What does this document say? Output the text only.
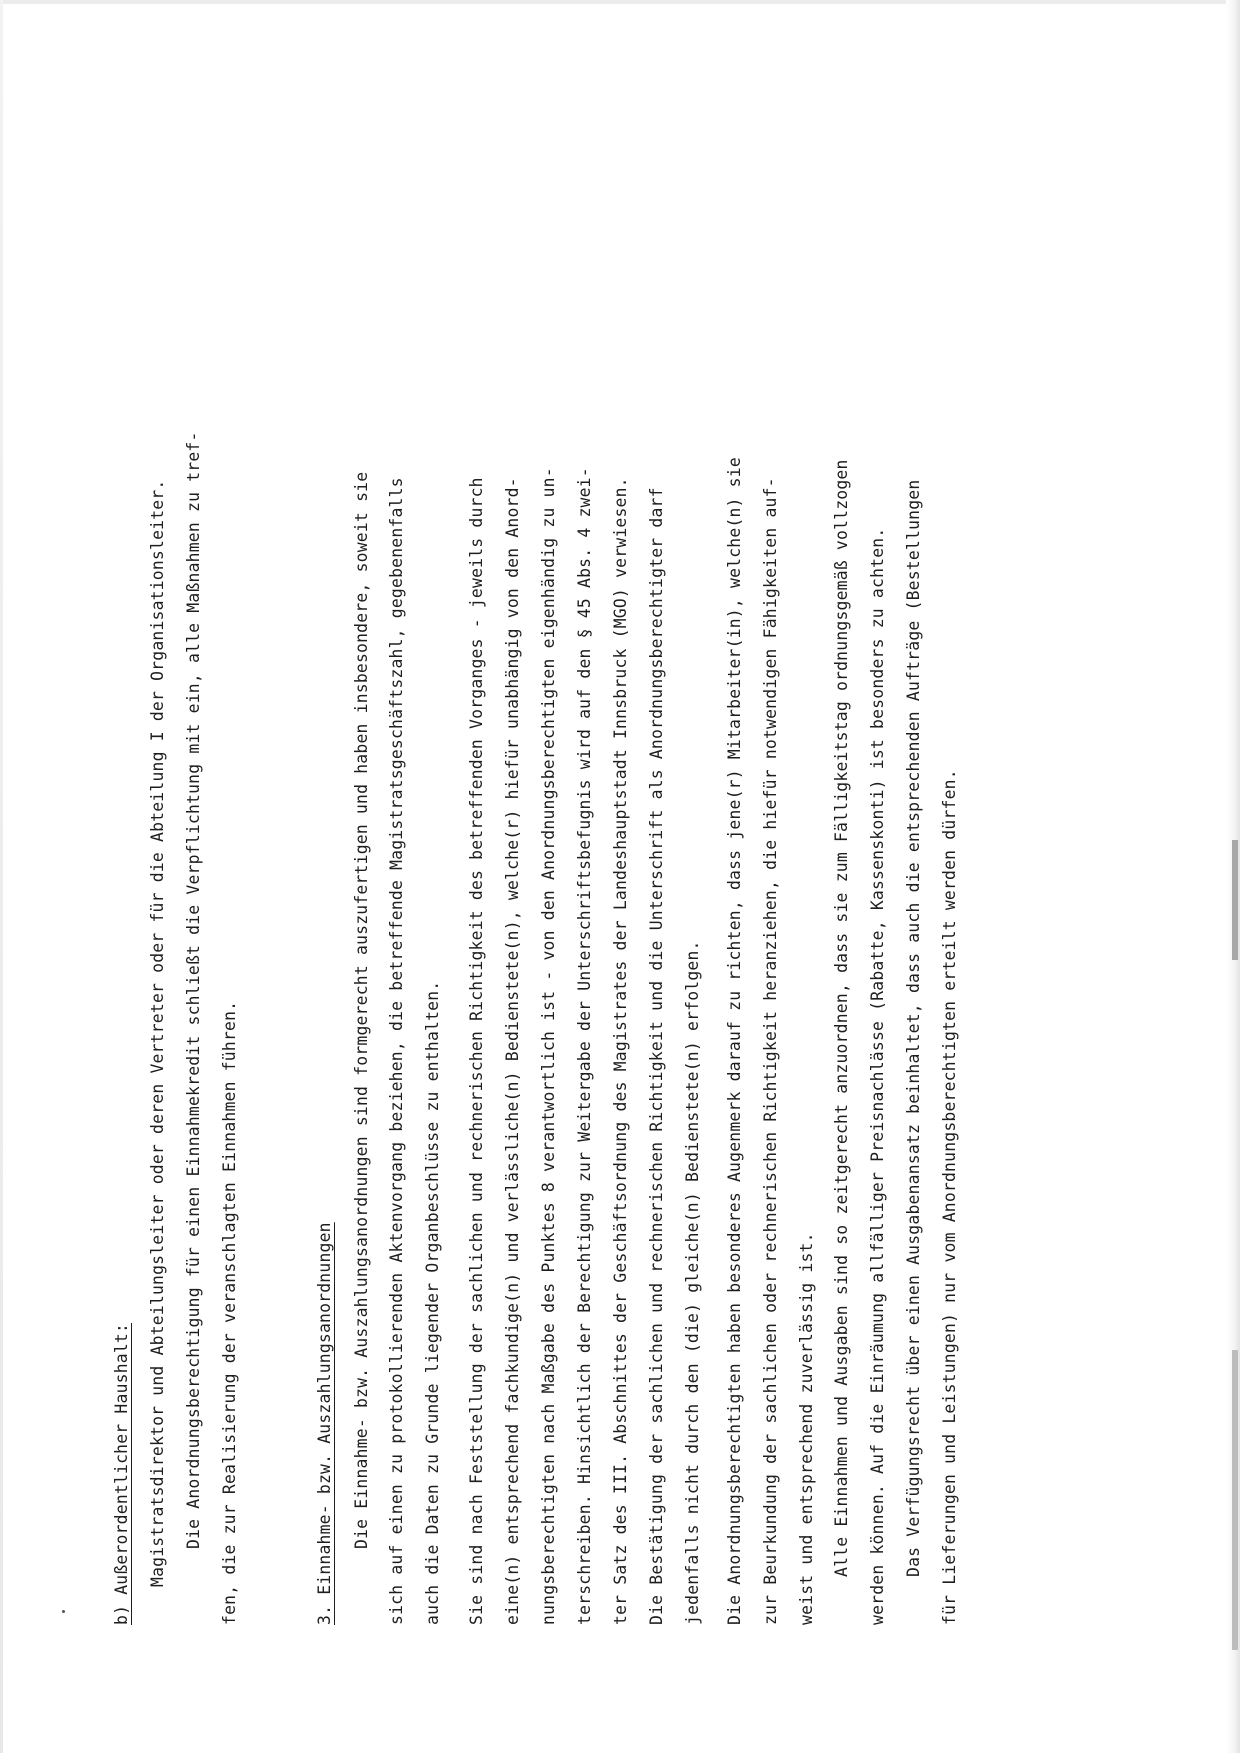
b) Außerordentlicher Haushalt: Magistratsdirektor und Abteilungsleiter oder deren Vertreter oder für die Abteilung I der Organisationsleiter. Die Anordnungsberechtigung für einen Einnahmekredit schließt die Verpflichtung mit ein, alle Maßnahmen zu tref- fen, die zur Realisierung der veranschlagten Einnahmen führen.	3. Einnahme- bzw. Auszahlungsanordnungen Die Einnahme- bzw. Auszahlungsanordnungen sind formgerecht auszufertigen und haben insbesondere, soweit sie sich auf einen zu protokollierenden Aktenvorgang beziehen, die betreffende Magistratsgeschäftszahl, gegebenenfalls auch die Daten zu Grunde liegender Organbeschlüsse zu enthalten. Sie sind nach Feststellung der sachlichen und rechnerischen Richtigkeit des betreffenden Vorganges - jeweils durch eine(n) entsprechend fachkundige(n) und verlässliche(n) Bedienstete(n), welche(r) hiefür unabhängig von den Anord- nungsberechtigten nach Maßgabe des Punktes 8 verantwortlich ist - von den Anordnungsberechtigten eigenhändig zu un- terschreiben. Hinsichtlich der Berechtigung zur Weitergabe der Unterschriftsbefugnis wird auf den § 45 Abs. 4 zwei- ter Satz des III. Abschnittes der Geschäftsordnung des Magistrates der Landeshauptstadt Innsbruck (MGO) verwiesen. Die Bestätigung der sachlichen und rechnerischen Richtigkeit und die Unterschrift als Anordnungsberechtigter darf jedenfalls nicht durch den (die) gleiche(n) Bedienstete(n) erfolgen. Die Anordnungsberechtigten haben besonderes Augenmerk darauf zu richten, dass jene(r) Mitarbeiter(in), welche(n) sie zur Beurkundung der sachlichen oder rechnerischen Richtigkeit heranziehen, die hiefür notwendigen Fähigkeiten auf- weist und entsprechend zuverlässig ist. Alle Einnahmen und Ausgaben sind so zeitgerecht anzuordnen, dass sie zum Fälligkeitstag ordnungsgemäß vollzogen werden können. Auf die Einräumung allfälliger Preisnachlässe (Rabatte, Kassenskonti) ist besonders zu achten. Das Verfügungsrecht über einen Ausgabenansatz beinhaltet, dass auch die entsprechenden Aufträge (Bestellungen für Lieferungen und Leistungen) nur vom Anordnungsberechtigten erteilt werden dürfen.
